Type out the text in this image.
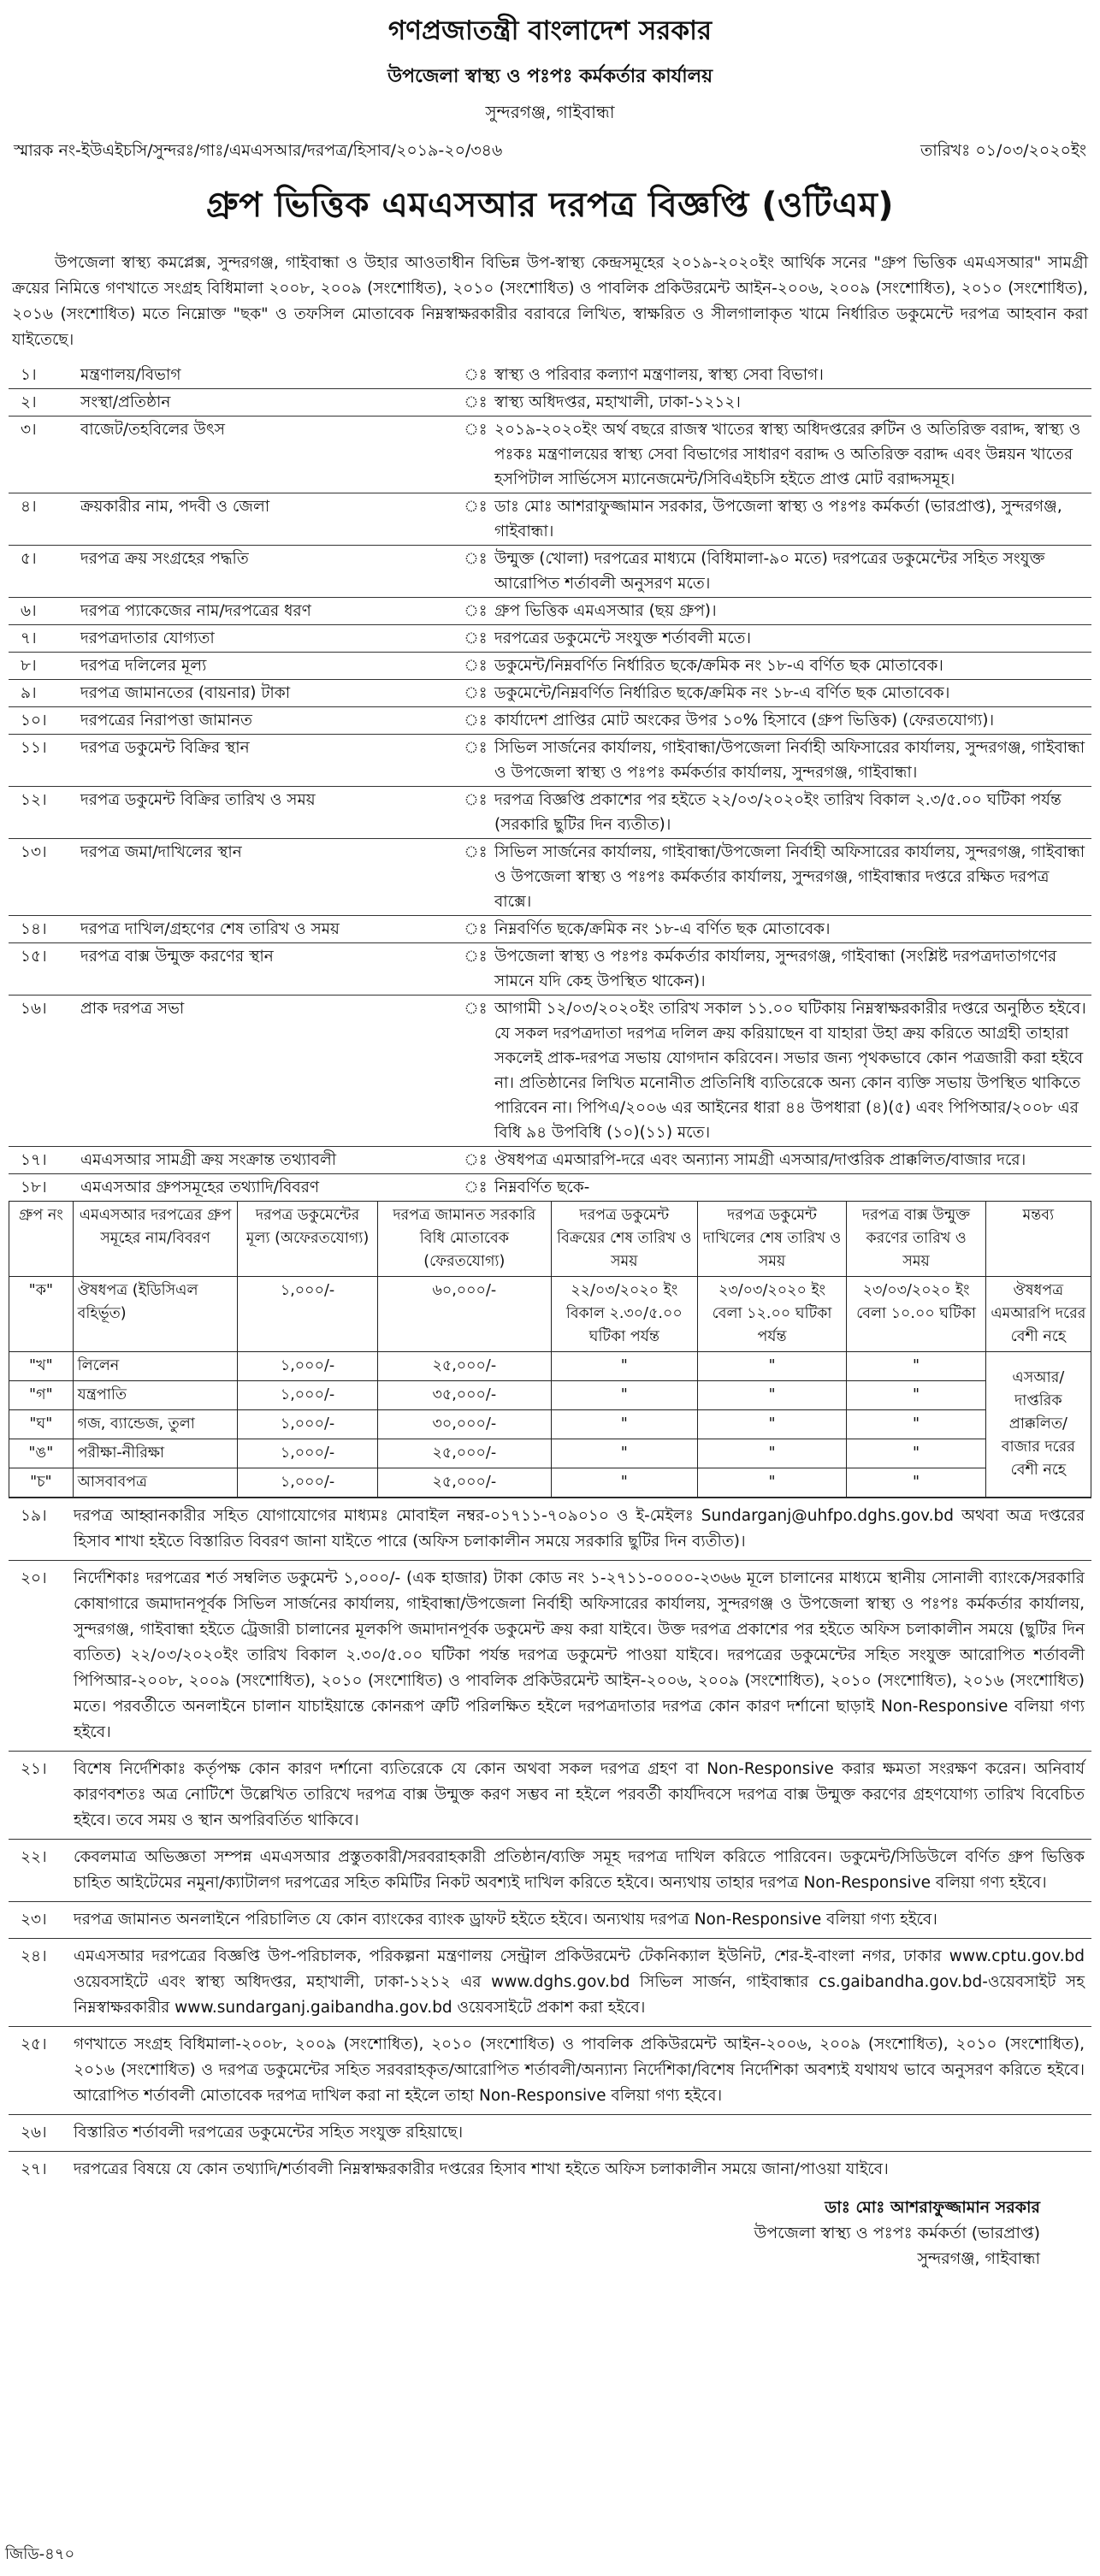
গণপ্রজাতন্ত্রী বাংলাদেশ সরকার
উপজেলা স্বাস্থ্য ও পঃপঃ কর্মকর্তার কার্যালয়
সুন্দরগঞ্জ, গাইবান্ধা
স্মারক নং-ইউএইচসি/সুন্দরঃ/গাঃ/এমএসআর/দরপত্র/হিসাব/২০১৯-২০/৩৪৬	তারিখঃ ০১/০৩/২০২০ইং
গ্রুপ ভিত্তিক এমএসআর দরপত্র বিজ্ঞপ্তি (ওটিএম)
উপজেলা স্বাস্থ্য কমপ্লেক্স, সুন্দরগঞ্জ, গাইবান্ধা ও উহার আওতাধীন বিভিন্ন উপ-স্বাস্থ্য কেন্দ্রসমূহের ২০১৯-২০২০ইং আর্থিক সনের "গ্রুপ ভিত্তিক এমএসআর" সামগ্রী ক্রয়ের নিমিত্তে গণখাতে সংগ্রহ বিধিমালা ২০০৮, ২০০৯ (সংশোধিত), ২০১০ (সংশোধিত) ও পাবলিক প্রকিউরমেন্ট আইন-২০০৬, ২০০৯ (সংশোধিত), ২০১০ (সংশোধিত), ২০১৬ (সংশোধিত) মতে নিম্নোক্ত "ছক" ও তফসিল মোতাবেক নিম্নস্বাক্ষরকারীর বরাবরে লিখিত, স্বাক্ষরিত ও সীলগালাকৃত খামে নির্ধারিত ডকুমেন্টে দরপত্র আহবান করা যাইতেছে।
১।	মন্ত্রণালয়/বিভাগ	ঃ	স্বাস্থ্য ও পরিবার কল্যাণ মন্ত্রণালয়, স্বাস্থ্য সেবা বিভাগ।
২।	সংস্থা/প্রতিষ্ঠান	ঃ	স্বাস্থ্য অধিদপ্তর, মহাখালী, ঢাকা-১২১২।
৩।	বাজেট/তহবিলের উৎস	ঃ	২০১৯-২০২০ইং অর্থ বছরে রাজস্ব খাতের স্বাস্থ্য অধিদপ্তরের রুটিন ও অতিরিক্ত বরাদ্দ, স্বাস্থ্য ও পঃকঃ মন্ত্রণালয়ের স্বাস্থ্য সেবা বিভাগের সাধারণ বরাদ্দ ও অতিরিক্ত বরাদ্দ এবং উন্নয়ন খাতের হসপিটাল সার্ভিসেস ম্যানেজমেন্ট/সিবিএইচসি হইতে প্রাপ্ত মোট বরাদ্দসমূহ।
৪।	ক্রয়কারীর নাম, পদবী ও জেলা	ঃ	ডাঃ মোঃ আশরাফুজ্জামান সরকার, উপজেলা স্বাস্থ্য ও পঃপঃ কর্মকর্তা (ভারপ্রাপ্ত), সুন্দরগঞ্জ, গাইবান্ধা।
৫।	দরপত্র ক্রয় সংগ্রহের পদ্ধতি	ঃ	উন্মুক্ত (খোলা) দরপত্রের মাধ্যমে (বিধিমালা-৯০ মতে) দরপত্রের ডকুমেন্টের সহিত সংযুক্ত আরোপিত শর্তাবলী অনুসরণ মতে।
৬।	দরপত্র প্যাকেজের নাম/দরপত্রের ধরণ	ঃ	গ্রুপ ভিত্তিক এমএসআর (ছয় গ্রুপ)।
৭।	দরপত্রদাতার যোগ্যতা	ঃ	দরপত্রের ডকুমেন্টে সংযুক্ত শর্তাবলী মতে।
৮।	দরপত্র দলিলের মূল্য	ঃ	ডকুমেন্ট/নিম্নবর্ণিত নির্ধারিত ছকে/ক্রমিক নং ১৮-এ বর্ণিত ছক মোতাবেক।
৯।	দরপত্র জামানতের (বায়নার) টাকা	ঃ	ডকুমেন্টে/নিম্নবর্ণিত নির্ধারিত ছকে/ক্রমিক নং ১৮-এ বর্ণিত ছক মোতাবেক।
১০।	দরপত্রের নিরাপত্তা জামানত	ঃ	কার্যাদেশ প্রাপ্তির মোট অংকের উপর ১০% হিসাবে (গ্রুপ ভিত্তিক) (ফেরতযোগ্য)।
১১।	দরপত্র ডকুমেন্ট বিক্রির স্থান	ঃ	সিভিল সার্জনের কার্যালয়, গাইবান্ধা/উপজেলা নির্বাহী অফিসারের কার্যালয়, সুন্দরগঞ্জ, গাইবান্ধা ও উপজেলা স্বাস্থ্য ও পঃপঃ কর্মকর্তার কার্যালয়, সুন্দরগঞ্জ, গাইবান্ধা।
১২।	দরপত্র ডকুমেন্ট বিক্রির তারিখ ও সময়	ঃ	দরপত্র বিজ্ঞপ্তি প্রকাশের পর হইতে ২২/০৩/২০২০ইং তারিখ বিকাল ২.৩/৫.০০ ঘটিকা পর্যন্ত (সরকারি ছুটির দিন ব্যতীত)।
১৩।	দরপত্র জমা/দাখিলের স্থান	ঃ	সিভিল সার্জনের কার্যালয়, গাইবান্ধা/উপজেলা নির্বাহী অফিসারের কার্যালয়, সুন্দরগঞ্জ, গাইবান্ধা ও উপজেলা স্বাস্থ্য ও পঃপঃ কর্মকর্তার কার্যালয়, সুন্দরগঞ্জ, গাইবান্ধার দপ্তরে রক্ষিত দরপত্র বাক্সে।
১৪।	দরপত্র দাখিল/গ্রহণের শেষ তারিখ ও সময়	ঃ	নিম্নবর্ণিত ছকে/ক্রমিক নং ১৮-এ বর্ণিত ছক মোতাবেক।
১৫।	দরপত্র বাক্স উন্মুক্ত করণের স্থান	ঃ	উপজেলা স্বাস্থ্য ও পঃপঃ কর্মকর্তার কার্যালয়, সুন্দরগঞ্জ, গাইবান্ধা (সংশ্লিষ্ট দরপত্রদাতাগণের সামনে যদি কেহ উপস্থিত থাকেন)।
১৬।	প্রাক দরপত্র সভা	ঃ	আগামী ১২/০৩/২০২০ইং তারিখ সকাল ১১.০০ ঘটিকায় নিম্নস্বাক্ষরকারীর দপ্তরে অনুষ্ঠিত হইবে। যে সকল দরপত্রদাতা দরপত্র দলিল ক্রয় করিয়াছেন বা যাহারা উহা ক্রয় করিতে আগ্রহী তাহারা সকলেই প্রাক-দরপত্র সভায় যোগদান করিবেন। সভার জন্য পৃথকভাবে কোন পত্রজারী করা হইবে না। প্রতিষ্ঠানের লিখিত মনোনীত প্রতিনিধি ব্যতিরেকে অন্য কোন ব্যক্তি সভায় উপস্থিত থাকিতে পারিবেন না। পিপিএ/২০০৬ এর আইনের ধারা ৪৪ উপধারা (৪)(৫) এবং পিপিআর/২০০৮ এর বিধি ৯৪ উপবিধি (১০)(১১) মতে।
১৭।	এমএসআর সামগ্রী ক্রয় সংক্রান্ত তথ্যাবলী	ঃ	ঔষধপত্র এমআরপি-দরে এবং অন্যান্য সামগ্রী এসআর/দাপ্তরিক প্রাক্কলিত/বাজার দরে।
১৮।	এমএসআর গ্রুপসমূহের তথ্যাদি/বিবরণ	ঃ	নিম্নবর্ণিত ছকে-
গ্রুপ নং	এমএসআর দরপত্রের গ্রুপ সমূহের নাম/বিবরণ	দরপত্র ডকুমেন্টের মূল্য (অফেরতযোগ্য)	দরপত্র জামানত সরকারি বিধি মোতাবেক (ফেরতযোগ্য)	দরপত্র ডকুমেন্ট বিক্রয়ের শেষ তারিখ ও সময়	দরপত্র ডকুমেন্ট দাখিলের শেষ তারিখ ও সময়	দরপত্র বাক্স উন্মুক্ত করণের তারিখ ও সময়	মন্তব্য
"ক"	ঔষধপত্র (ইডিসিএল বহির্ভূত)	১,০০০/-	৬০,০০০/-	২২/০৩/২০২০ ইং বিকাল ২.৩০/৫.০০ ঘটিকা পর্যন্ত	২৩/০৩/২০২০ ইং বেলা ১২.০০ ঘটিকা পর্যন্ত	২৩/০৩/২০২০ ইং বেলা ১০.০০ ঘটিকা	ঔষধপত্র এমআরপি দরের বেশী নহে
"খ"	লিলেন	১,০০০/-	২৫,০০০/-	"	"	"	এসআর/ দাপ্তরিক প্রাক্কলিত/ বাজার দরের বেশী নহে
"গ"	যন্ত্রপাতি	১,০০০/-	৩৫,০০০/-	"	"	"	
"ঘ"	গজ, ব্যান্ডেজ, তুলা	১,০০০/-	৩০,০০০/-	"	"	"	
"ঙ"	পরীক্ষা-নীরিক্ষা	১,০০০/-	২৫,০০০/-	"	"	"	
"চ"	আসবাবপত্র	১,০০০/-	২৫,০০০/-	"	"	"	
১৯।	দরপত্র আহ্বানকারীর সহিত যোগাযোগের মাধ্যমঃ মোবাইল নম্বর-০১৭১১-৭০৯০১০ ও ই-মেইলঃ Sundarganj@uhfpo.dghs.gov.bd অথবা অত্র দপ্তরের হিসাব শাখা হইতে বিস্তারিত বিবরণ জানা যাইতে পারে (অফিস চলাকালীন সময়ে সরকারি ছুটির দিন ব্যতীত)।
২০।	নির্দেশিকাঃ দরপত্রের শর্ত সম্বলিত ডকুমেন্ট ১,০০০/- (এক হাজার) টাকা কোড নং ১-২৭১১-০০০০-২৩৬৬ মূলে চালানের মাধ্যমে স্থানীয় সোনালী ব্যাংকে/সরকারি কোষাগারে জমাদানপূর্বক সিভিল সার্জনের কার্যালয়, গাইবান্ধা/উপজেলা নির্বাহী অফিসারের কার্যালয়, সুন্দরগঞ্জ ও উপজেলা স্বাস্থ্য ও পঃপঃ কর্মকর্তার কার্যালয়, সুন্দরগঞ্জ, গাইবান্ধা হইতে ট্রেজারী চালানের মূলকপি জমাদানপূর্বক ডকুমেন্ট ক্রয় করা যাইবে। উক্ত দরপত্র প্রকাশের পর হইতে অফিস চলাকালীন সময়ে (ছুটির দিন ব্যতিত) ২২/০৩/২০২০ইং তারিখ বিকাল ২.৩০/৫.০০ ঘটিকা পর্যন্ত দরপত্র ডকুমেন্ট পাওয়া যাইবে। দরপত্রের ডকুমেন্টের সহিত সংযুক্ত আরোপিত শর্তাবলী পিপিআর-২০০৮, ২০০৯ (সংশোধিত), ২০১০ (সংশোধিত) ও পাবলিক প্রকিউরমেন্ট আইন-২০০৬, ২০০৯ (সংশোধিত), ২০১০ (সংশোধিত), ২০১৬ (সংশোধিত) মতে। পরবর্তীতে অনলাইনে চালান যাচাইয়ান্তে কোনরূপ ত্রুটি পরিলক্ষিত হইলে দরপত্রদাতার দরপত্র কোন কারণ দর্শানো ছাড়াই Non-Responsive বলিয়া গণ্য হইবে।
২১।	বিশেষ নির্দেশিকাঃ কর্তৃপক্ষ কোন কারণ দর্শানো ব্যতিরেকে যে কোন অথবা সকল দরপত্র গ্রহণ বা Non-Responsive করার ক্ষমতা সংরক্ষণ করেন। অনিবার্য কারণবশতঃ অত্র নোটিশে উল্লেখিত তারিখে দরপত্র বাক্স উন্মুক্ত করণ সম্ভব না হইলে পরবর্তী কার্যদিবসে দরপত্র বাক্স উন্মুক্ত করণের গ্রহণযোগ্য তারিখ বিবেচিত হইবে। তবে সময় ও স্থান অপরিবর্তিত থাকিবে।
২২।	কেবলমাত্র অভিজ্ঞতা সম্পন্ন এমএসআর প্রস্তুতকারী/সরবরাহকারী প্রতিষ্ঠান/ব্যক্তি সমূহ দরপত্র দাখিল করিতে পারিবেন। ডকুমেন্ট/সিডিউলে বর্ণিত গ্রুপ ভিত্তিক চাহিত আইটেমের নমুনা/ক্যাটালগ দরপত্রের সহিত কমিটির নিকট অবশ্যই দাখিল করিতে হইবে। অন্যথায় তাহার দরপত্র Non-Responsive বলিয়া গণ্য হইবে।
২৩।	দরপত্র জামানত অনলাইনে পরিচালিত যে কোন ব্যাংকের ব্যাংক ড্রাফট হইতে হইবে। অন্যথায় দরপত্র Non-Responsive বলিয়া গণ্য হইবে।
২৪।	এমএসআর দরপত্রের বিজ্ঞপ্তি উপ-পরিচালক, পরিকল্পনা মন্ত্রণালয় সেন্ট্রাল প্রকিউরমেন্ট টেকনিক্যাল ইউনিট, শের-ই-বাংলা নগর, ঢাকার www.cptu.gov.bd ওয়েবসাইটে এবং স্বাস্থ্য অধিদপ্তর, মহাখালী, ঢাকা-১২১২ এর www.dghs.gov.bd সিভিল সার্জন, গাইবান্ধার cs.gaibandha.gov.bd-ওয়েবসাইট সহ নিম্নস্বাক্ষরকারীর www.sundarganj.gaibandha.gov.bd ওয়েবসাইটে প্রকাশ করা হইবে।
২৫।	গণখাতে সংগ্রহ বিধিমালা-২০০৮, ২০০৯ (সংশোধিত), ২০১০ (সংশোধিত) ও পাবলিক প্রকিউরমেন্ট আইন-২০০৬, ২০০৯ (সংশোধিত), ২০১০ (সংশোধিত), ২০১৬ (সংশোধিত) ও দরপত্র ডকুমেন্টের সহিত সরবরাহকৃত/আরোপিত শর্তাবলী/অন্যান্য নির্দেশিকা/বিশেষ নির্দেশিকা অবশ্যই যথাযথ ভাবে অনুসরণ করিতে হইবে। আরোপিত শর্তাবলী মোতাবেক দরপত্র দাখিল করা না হইলে তাহা Non-Responsive বলিয়া গণ্য হইবে।
২৬।	বিস্তারিত শর্তাবলী দরপত্রের ডকুমেন্টের সহিত সংযুক্ত রহিয়াছে।
২৭।	দরপত্রের বিষয়ে যে কোন তথ্যাদি/শর্তাবলী নিম্নস্বাক্ষরকারীর দপ্তরের হিসাব শাখা হইতে অফিস চলাকালীন সময়ে জানা/পাওয়া যাইবে।
ডাঃ মোঃ আশরাফুজ্জামান সরকার
উপজেলা স্বাস্থ্য ও পঃপঃ কর্মকর্তা (ভারপ্রাপ্ত)
সুন্দরগঞ্জ, গাইবান্ধা
জিডি-৪৭০
